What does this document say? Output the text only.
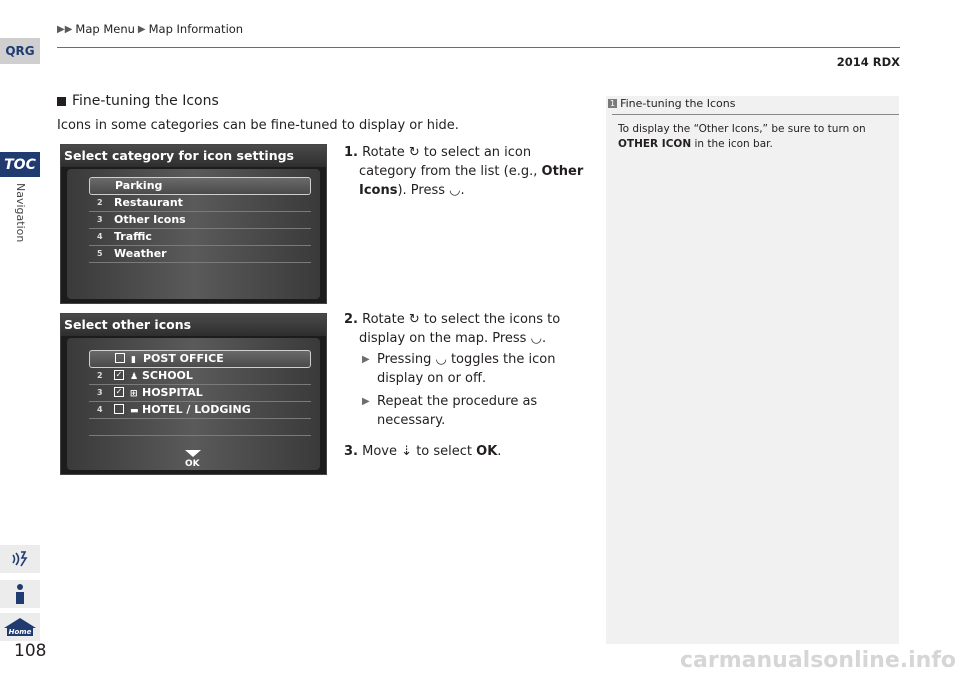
▶▶ Map Menu ▶ Map Information
2014 RDX
QRG
TOC
Navigation
Home
108
Fine-tuning the Icons
Icons in some categories can be fine-tuned to display or hide.
Select category for icon settings
Parking
2 Restaurant
3 Other Icons
4 Traffic
5 Weather
Select other icons
▮ POST OFFICE
2 ✓ ♟ SCHOOL
3 ✓ ⊞ HOSPITAL
4	▬ HOTEL / LODGING
OK
1. Rotate ↻ to select an icon
category from the list (e.g., Other
Icons). Press ◡.
2. Rotate ↻ to select the icons to
display on the map. Press ◡.
▶ Pressing ◡ toggles the icon
display on or off.
▶ Repeat the procedure as
necessary.
3. Move ⇣ to select OK.
1 Fine-tuning the Icons
To display the “Other Icons,” be sure to turn on
OTHER ICON in the icon bar.
carmanualsonline.info
